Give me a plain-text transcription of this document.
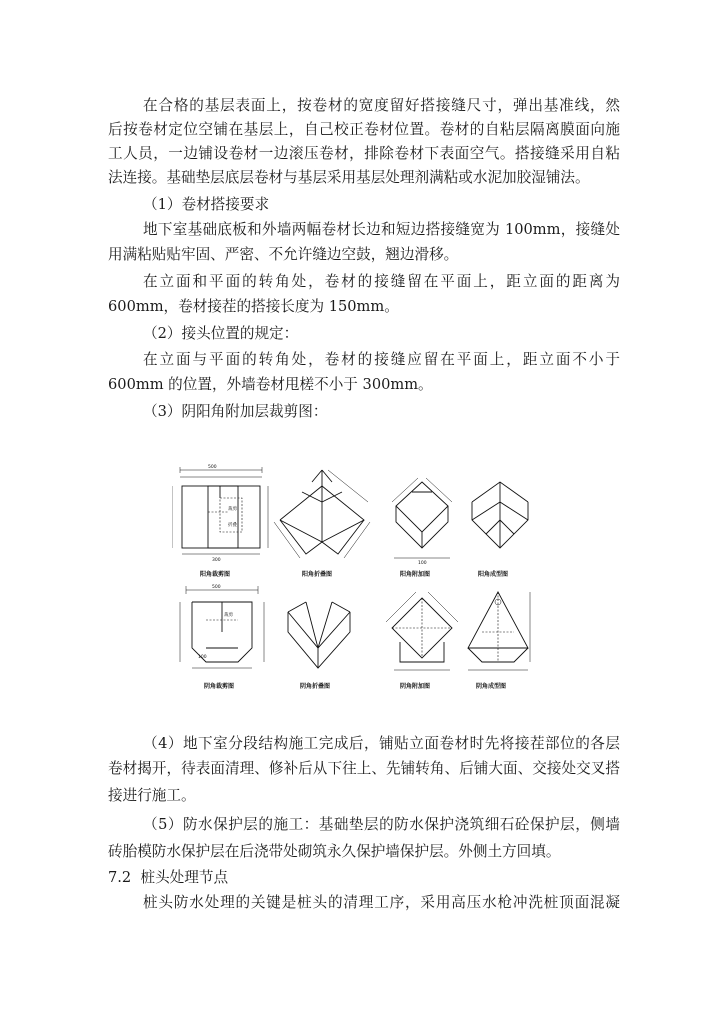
在合格的基层表面上，按卷材的宽度留好搭接缝尺寸，弹出基准线，然
后按卷材定位空铺在基层上，自己校正卷材位置。卷材的自粘层隔离膜面向施
工人员，一边铺设卷材一边滚压卷材，排除卷材下表面空气。搭接缝采用自粘
法连接。基础垫层底层卷材与基层采用基层处理剂满粘或水泥加胶湿铺法。
（1）卷材搭接要求
地下室基础底板和外墙两幅卷材长边和短边搭接缝宽为 100mm，接缝处
用满粘贴贴牢固、严密、不允许缝边空鼓，翘边滑移。
在立面和平面的转角处，卷材的接缝留在平面上，距立面的距离为
600mm，卷材接茬的搭接长度为 150mm。
（2）接头位置的规定：
在立面与平面的转角处，卷材的接缝应留在平面上，距立面不小于
600mm 的位置，外墙卷材甩槎不小于 300mm。
（3）阴阳角附加层裁剪图：
500
裁剪
折叠
300
阳角裁剪图	阳角折叠图
100
阳角附加图	阳角成型图
500
裁剪
100
阴角裁剪图	阴角折叠图	阴角附加图	阴角成型图
（4）地下室分段结构施工完成后，铺贴立面卷材时先将接茬部位的各层
卷材揭开，待表面清理、修补后从下往上、先铺转角、后铺大面、交接处交叉搭
接进行施工。
（5）防水保护层的施工：基础垫层的防水保护浇筑细石砼保护层，侧墙
砖胎模防水保护层在后浇带处砌筑永久保护墙保护层。外侧土方回填。
7.2  桩头处理节点
桩头防水处理的关键是桩头的清理工序，采用高压水枪冲洗桩顶面混凝
